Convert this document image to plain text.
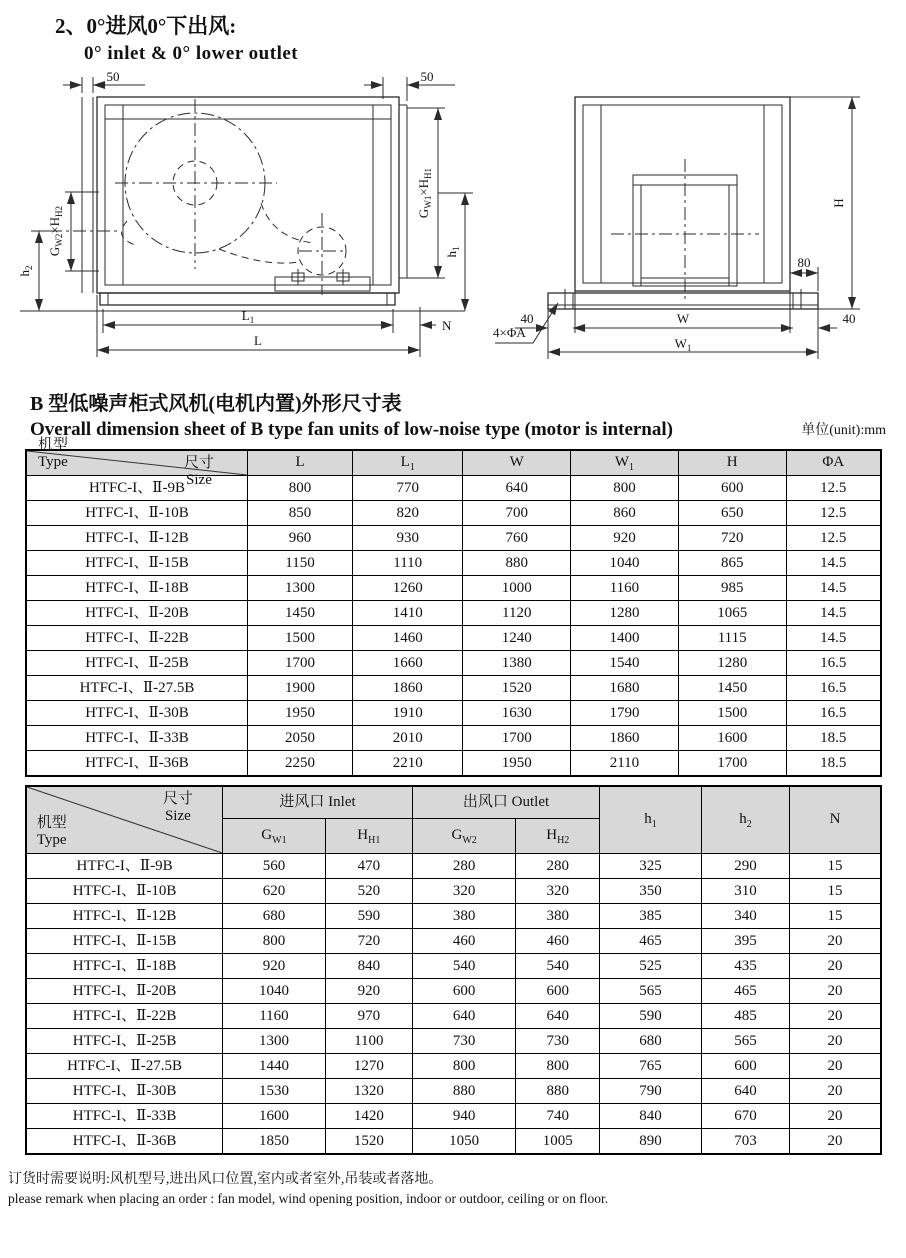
2、0°进风0°下出风:
0° inlet & 0° lower outlet
50	50
$G_{W1}\times H_{H1}$
$h_1$
$G_{W2}\times H_{H2}$
$h_2$
$L_1$	N
L
H
80
40	W	40
$W_1$
4×ΦA
B 型低噪声柜式风机(电机内置)外形尺寸表
Overall dimension sheet of B type fan units of low-noise type (motor is internal)	单位(unit):mm
尺寸
Size
机型
Type	L	$L_1$	W	$W_1$	H	ΦA
HTFC-I、Ⅱ-9B	800	770	640	800	600	12.5
HTFC-I、Ⅱ-10B	850	820	700	860	650	12.5
HTFC-I、Ⅱ-12B	960	930	760	920	720	12.5
HTFC-I、Ⅱ-15B	1150	1110	880	1040	865	14.5
HTFC-I、Ⅱ-18B	1300	1260	1000	1160	985	14.5
HTFC-I、Ⅱ-20B	1450	1410	1120	1280	1065	14.5
HTFC-I、Ⅱ-22B	1500	1460	1240	1400	1115	14.5
HTFC-I、Ⅱ-25B	1700	1660	1380	1540	1280	16.5
HTFC-I、Ⅱ-27.5B	1900	1860	1520	1680	1450	16.5
HTFC-I、Ⅱ-30B	1950	1910	1630	1790	1500	16.5
HTFC-I、Ⅱ-33B	2050	2010	1700	1860	1600	18.5
HTFC-I、Ⅱ-36B	2250	2210	1950	2110	1700	18.5
尺寸
Size
机型
Type	进风口 Inlet		出风口 Outlet		$h_1$	$h_2$	N
	$G_{W1}$	$H_{H1}$	$G_{W2}$	$H_{H2}$
HTFC-I、Ⅱ-9B	560	470	280	280	325	290	15
HTFC-I、Ⅱ-10B	620	520	320	320	350	310	15
HTFC-I、Ⅱ-12B	680	590	380	380	385	340	15
HTFC-I、Ⅱ-15B	800	720	460	460	465	395	20
HTFC-I、Ⅱ-18B	920	840	540	540	525	435	20
HTFC-I、Ⅱ-20B	1040	920	600	600	565	465	20
HTFC-I、Ⅱ-22B	1160	970	640	640	590	485	20
HTFC-I、Ⅱ-25B	1300	1100	730	730	680	565	20
HTFC-I、Ⅱ-27.5B	1440	1270	800	800	765	600	20
HTFC-I、Ⅱ-30B	1530	1320	880	880	790	640	20
HTFC-I、Ⅱ-33B	1600	1420	940	740	840	670	20
HTFC-I、Ⅱ-36B	1850	1520	1050	1005	890	703	20
订货时需要说明:风机型号,进出风口位置,室内或者室外,吊装或者落地。
please remark when placing an order : fan model, wind opening position, indoor or outdoor, ceiling or on floor.
